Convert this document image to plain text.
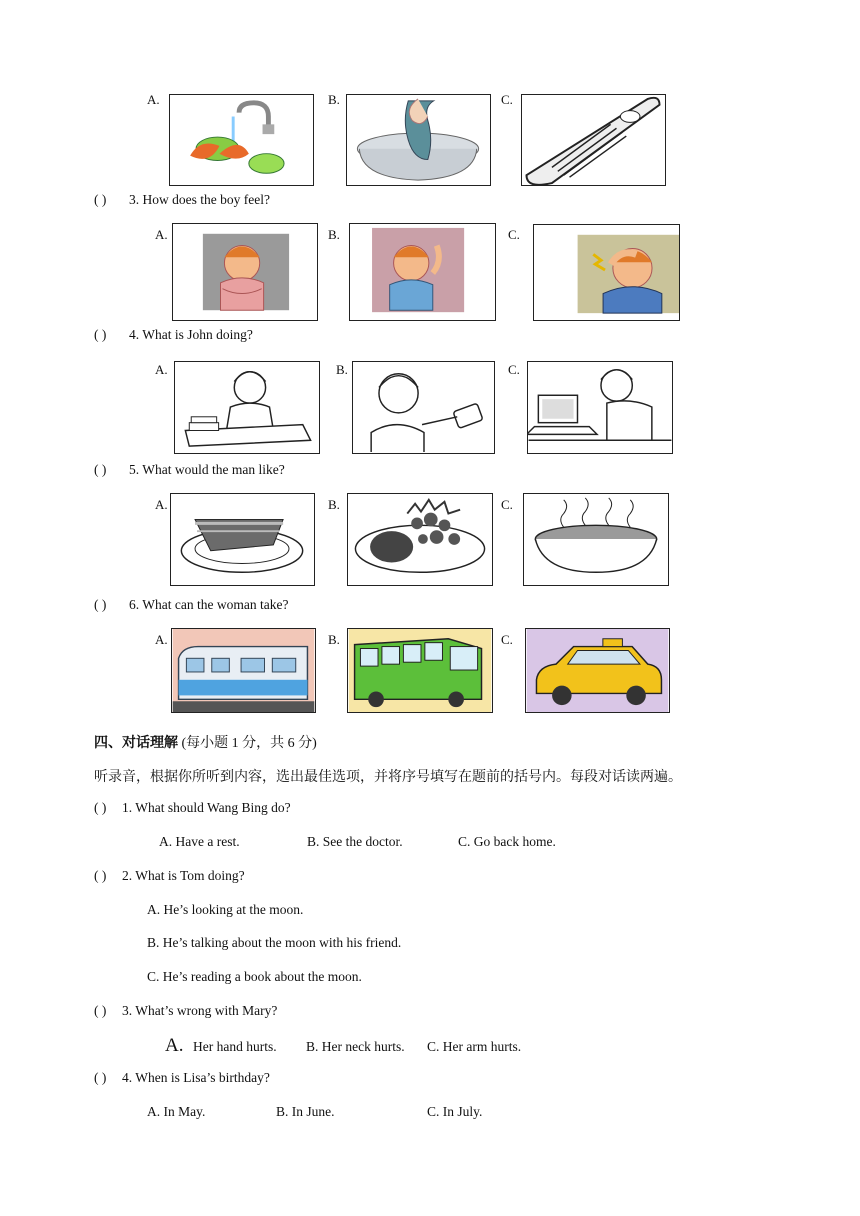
A.	B.	C.
( ) 3. How does the boy feel?
A.	B.	C.
( ) 4. What is John doing?
A.	B.	C.
( ) 5. What would the man like?
A.	B.	C.
( ) 6. What can the woman take?
A.	B.	C.
四、对话理解 (每小题 1 分，共 6 分)
听录音，根据你所听到内容，选出最佳选项，并将序号填写在题前的括号内。每段对话读两遍。
( ) 1. What should Wang Bing do?
A. Have a rest.	B. See the doctor.	C. Go back home.
( ) 2. What is Tom doing?
A. He’s looking at the moon.
B. He’s talking about the moon with his friend.
C. He’s reading a book about the moon.
( ) 3. What’s wrong with Mary?
A. Her hand hurts. B. Her neck hurts. C. Her arm hurts.
( ) 4. When is Lisa’s birthday?
A. In May.	B. In June.	C. In July.
